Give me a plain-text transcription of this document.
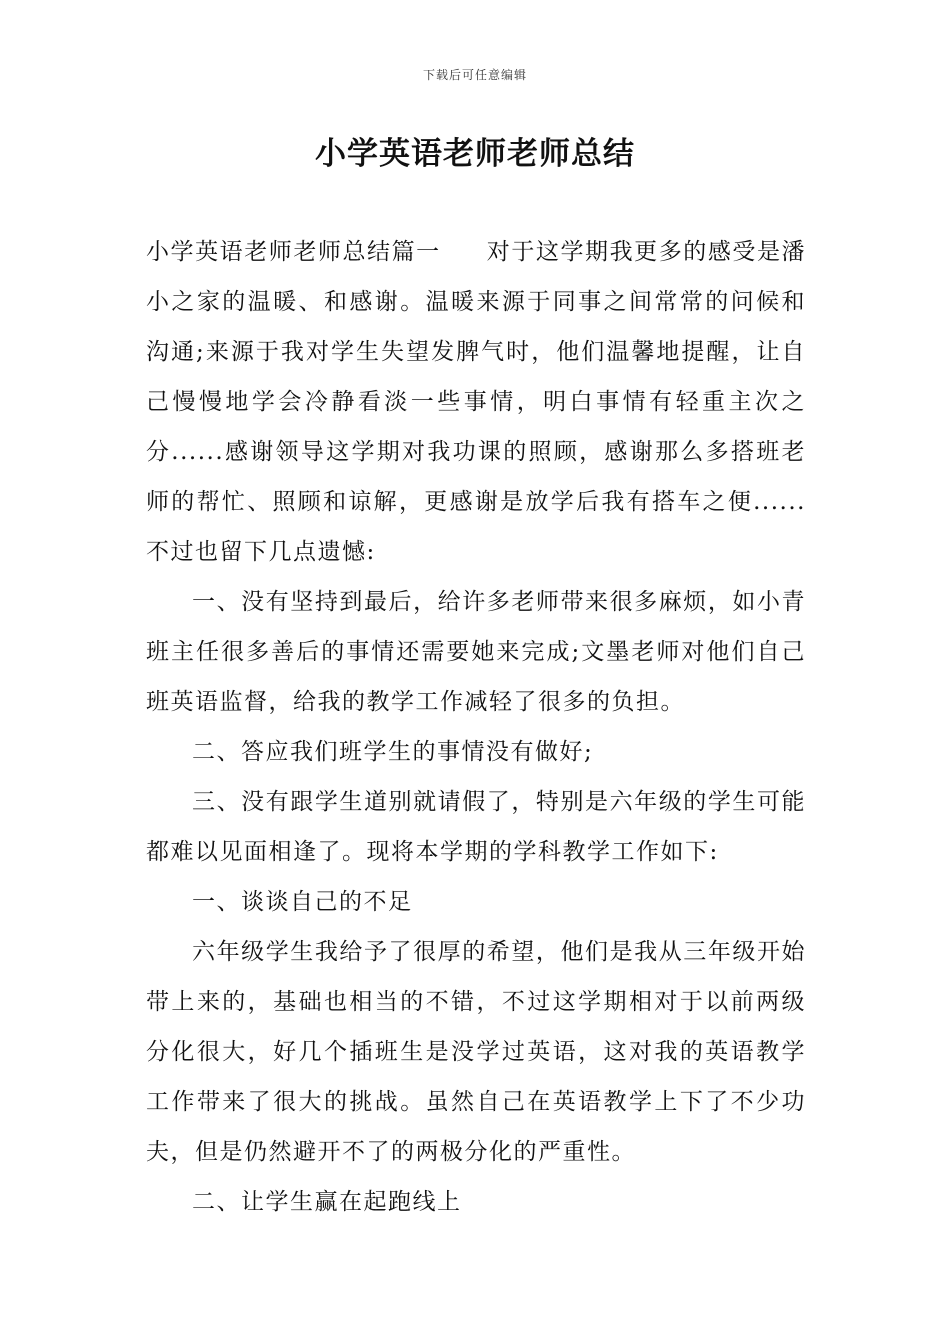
下载后可任意编辑
小学英语老师老师总结

小学英语老师老师总结篇一 对于这学期我更多的感受是潘小之家的温暖、和感谢。温暖来源于同事之间常常的问候和沟通;来源于我对学生失望发脾气时，他们温馨地提醒，让自己慢慢地学会冷静看淡一些事情，明白事情有轻重主次之分......感谢领导这学期对我功课的照顾，感谢那么多搭班老师的帮忙、照顾和谅解，更感谢是放学后我有搭车之便......不过也留下几点遗憾:

一、没有坚持到最后，给许多老师带来很多麻烦，如小青班主任很多善后的事情还需要她来完成;文墨老师对他们自己班英语监督，给我的教学工作减轻了很多的负担。

二、答应我们班学生的事情没有做好;

三、没有跟学生道别就请假了，特别是六年级的学生可能都难以见面相逢了。现将本学期的学科教学工作如下:

一、谈谈自己的不足

六年级学生我给予了很厚的希望，他们是我从三年级开始带上来的，基础也相当的不错，不过这学期相对于以前两级分化很大，好几个插班生是没学过英语，这对我的英语教学工作带来了很大的挑战。虽然自己在英语教学上下了不少功夫，但是仍然避开不了的两极分化的严重性。

二、让学生赢在起跑线上
